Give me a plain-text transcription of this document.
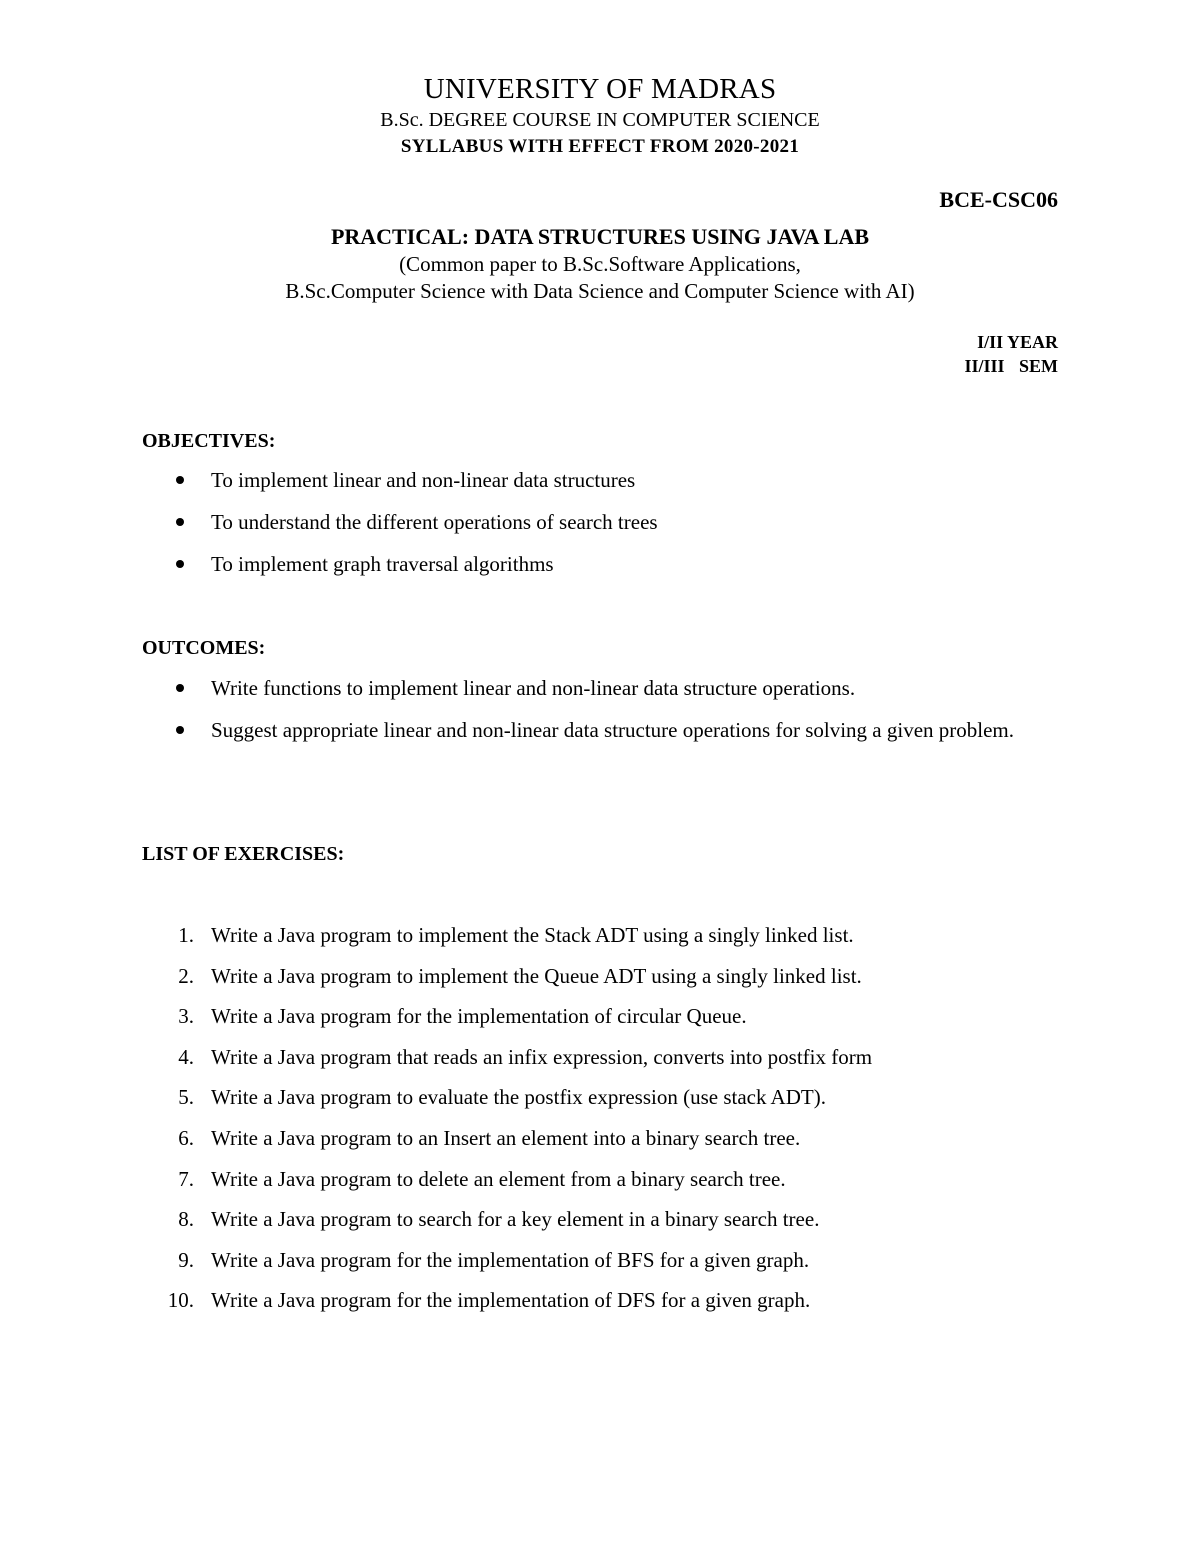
UNIVERSITY OF MADRAS
B.Sc. DEGREE COURSE IN COMPUTER SCIENCE
SYLLABUS WITH EFFECT FROM 2020-2021
BCE-CSC06
PRACTICAL: DATA STRUCTURES USING JAVA LAB
(Common paper to B.Sc.Software Applications,
B.Sc.Computer Science with Data Science and Computer Science with AI)
I/II YEAR
II/III SEM
OBJECTIVES:
To implement linear and non-linear data structures
To understand the different operations of search trees
To implement graph traversal algorithms
OUTCOMES:
Write functions to implement linear and non-linear data structure operations.
Suggest appropriate linear and non-linear data structure operations for solving a given problem.
LIST OF EXERCISES:
1. Write a Java program to implement the Stack ADT using a singly linked list.
2. Write a Java program to implement the Queue ADT using a singly linked list.
3. Write a Java program for the implementation of circular Queue.
4. Write a Java program that reads an infix expression, converts into postfix form
5. Write a Java program to evaluate the postfix expression (use stack ADT).
6. Write a Java program to an Insert an element into a binary search tree.
7. Write a Java program to delete an element from a binary search tree.
8. Write a Java program to search for a key element in a binary search tree.
9. Write a Java program for the implementation of BFS for a given graph.
10. Write a Java program for the implementation of DFS for a given graph.
